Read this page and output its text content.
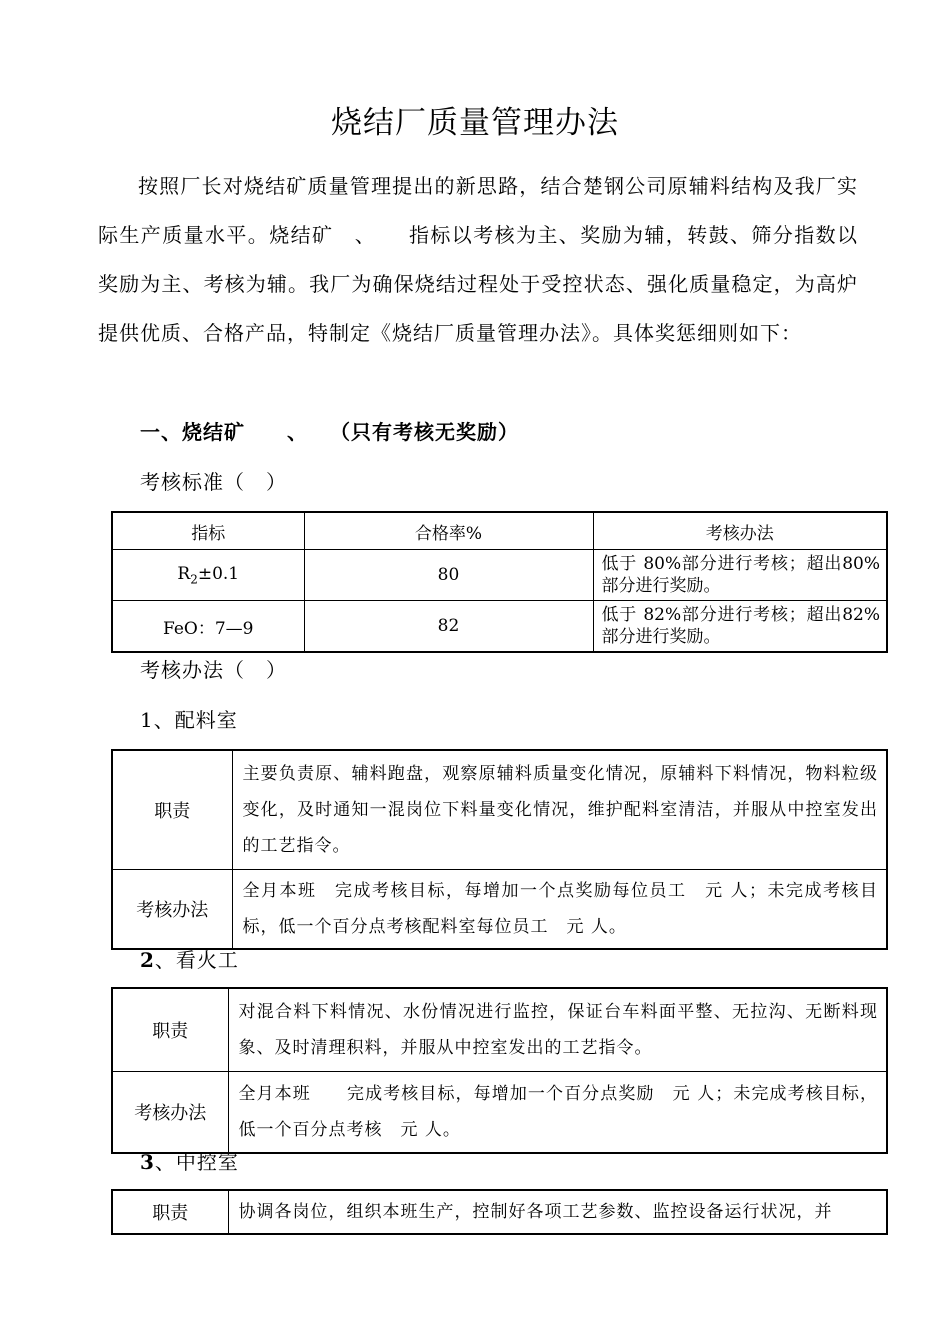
烧结厂质量管理办法

按照厂长对烧结矿质量管理提出的新思路，结合楚钢公司原辅料结构及我厂实际生产质量水平。烧结矿　、　　指标以考核为主、奖励为辅，转鼓、筛分指数以奖励为主、考核为辅。我厂为确保烧结过程处于受控状态、强化质量稳定，为高炉提供优质、合格产品，特制定《烧结厂质量管理办法》。具体奖惩细则如下：

一、烧结矿　　、　　（只有考核无奖励）
考核标准（　）
指标	合格率%	考核办法
$R_2\pm 0.1$	80	低于 80%部分进行考核；超出80%部分进行奖励。
FeO：7—9	82	低于 82%部分进行考核；超出82%部分进行奖励。
考核办法（　）
1、配料室
职责	主要负责原、辅料跑盘，观察原辅料质量变化情况，原辅料下料情况，物料粒级变化，及时通知一混岗位下料量变化情况，维护配料室清洁，并服从中控室发出的工艺指令。
考核办法	全月本班　完成考核目标，每增加一个点奖励每位员工　元 人；未完成考核目标，低一个百分点考核配料室每位员工　元 人。
2、看火工
职责	对混合料下料情况、水份情况进行监控，保证台车料面平整、无拉沟、无断料现象、及时清理积料，并服从中控室发出的工艺指令。
考核办法	全月本班　　完成考核目标，每增加一个百分点奖励　元 人；未完成考核目标，低一个百分点考核　元 人。
3、中控室
职责	协调各岗位，组织本班生产，控制好各项工艺参数、监控设备运行状况，并
